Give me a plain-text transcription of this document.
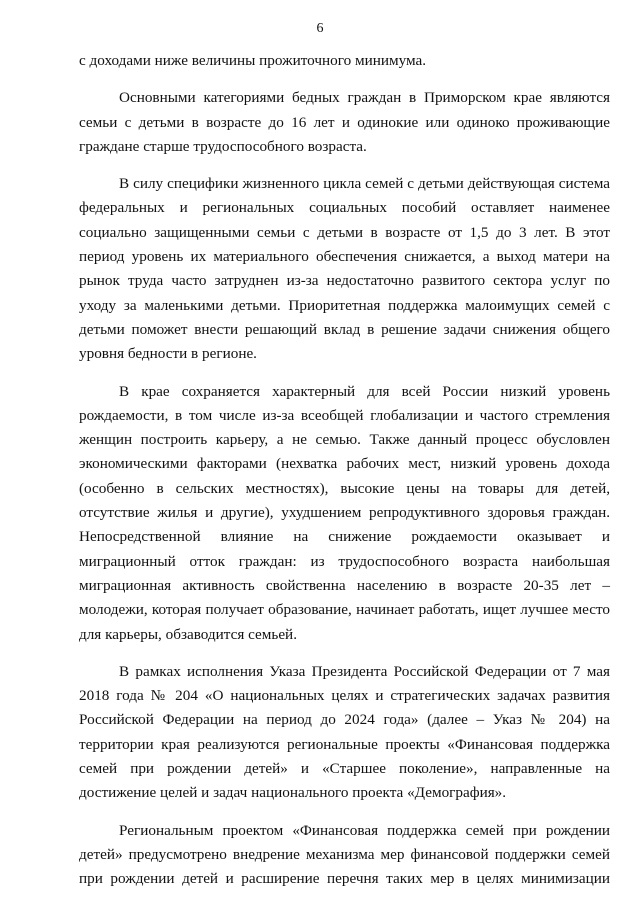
6

с доходами ниже величины прожиточного минимума.

Основными категориями бедных граждан в Приморском крае являются семьи с детьми в возрасте до 16 лет и одинокие или одиноко проживающие граждане старше трудоспособного возраста.

В силу специфики жизненного цикла семей с детьми действующая система федеральных и региональных социальных пособий оставляет наименее социально защищенными семьи с детьми в возрасте от 1,5 до 3 лет. В этот период уровень их материального обеспечения снижается, а выход матери на рынок труда часто затруднен из-за недостаточно развитого сектора услуг по уходу за маленькими детьми. Приоритетная поддержка малоимущих семей с детьми поможет внести решающий вклад в решение задачи снижения общего уровня бедности в регионе.

В крае сохраняется характерный для всей России низкий уровень рождаемости, в том числе из-за всеобщей глобализации и частого стремления женщин построить карьеру, а не семью. Также данный процесс обусловлен экономическими факторами (нехватка рабочих мест, низкий уровень дохода (особенно в сельских местностях), высокие цены на товары для детей, отсутствие жилья и другие), ухудшением репродуктивного здоровья граждан. Непосредственной влияние на снижение рождаемости оказывает и миграционный отток граждан: из трудоспособного возраста наибольшая миграционная активность свойственна населению в возрасте 20-35 лет – молодежи, которая получает образование, начинает работать, ищет лучшее место для карьеры, обзаводится семьей.

В рамках исполнения Указа Президента Российской Федерации от 7 мая 2018 года № 204 «О национальных целях и стратегических задачах развития Российской Федерации на период до 2024 года» (далее – Указ № 204) на территории края реализуются региональные проекты «Финансовая поддержка семей при рождении детей» и «Старшее поколение», направленные на достижение целей и задач национального проекта «Демография».

Региональным проектом «Финансовая поддержка семей при рождении детей» предусмотрено внедрение механизма мер финансовой поддержки семей при рождении детей и расширение перечня таких мер в целях минимизации
